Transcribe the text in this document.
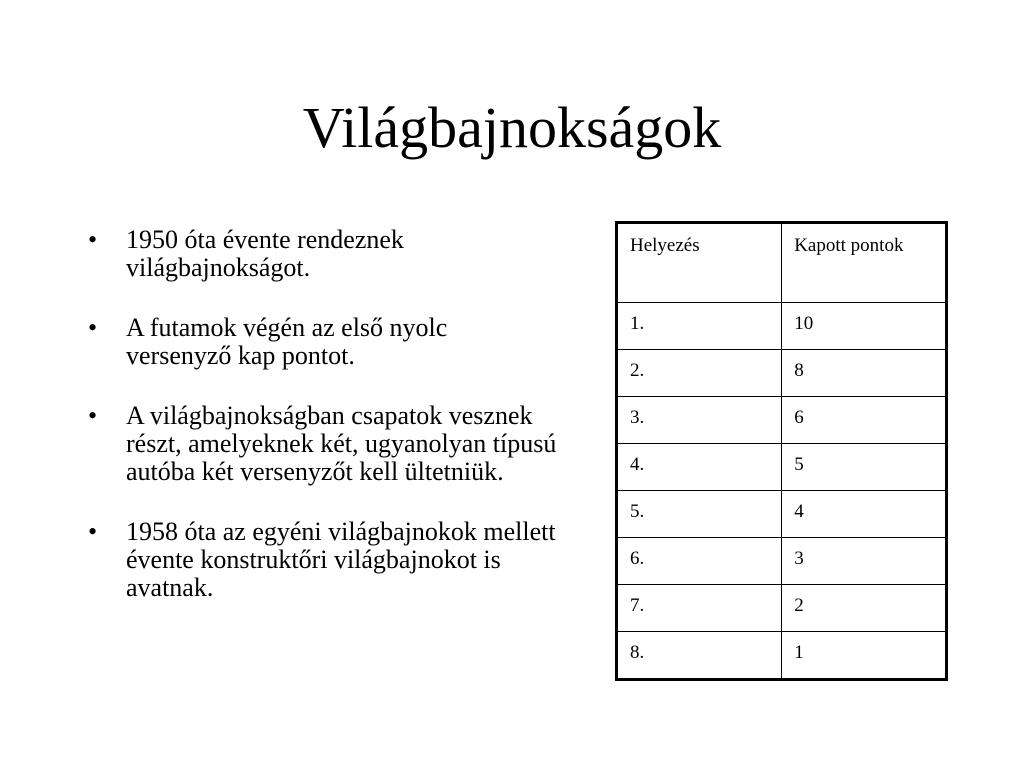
Világbajnokságok
• 1950 óta évente rendeznek világbajnokságot.
• A futamok végén az első nyolc versenyző kap pontot.
• A világbajnokságban csapatok vesznek részt, amelyeknek két, ugyanolyan típusú autóba két versenyzőt kell ültetniük.
• 1958 óta az egyéni világbajnokok mellett évente konstruktőri világbajnokot is avatnak.
Helyezés	Kapott pontok
1.	10
2.	8
3.	6
4.	5
5.	4
6.	3
7.	2
8.	1
